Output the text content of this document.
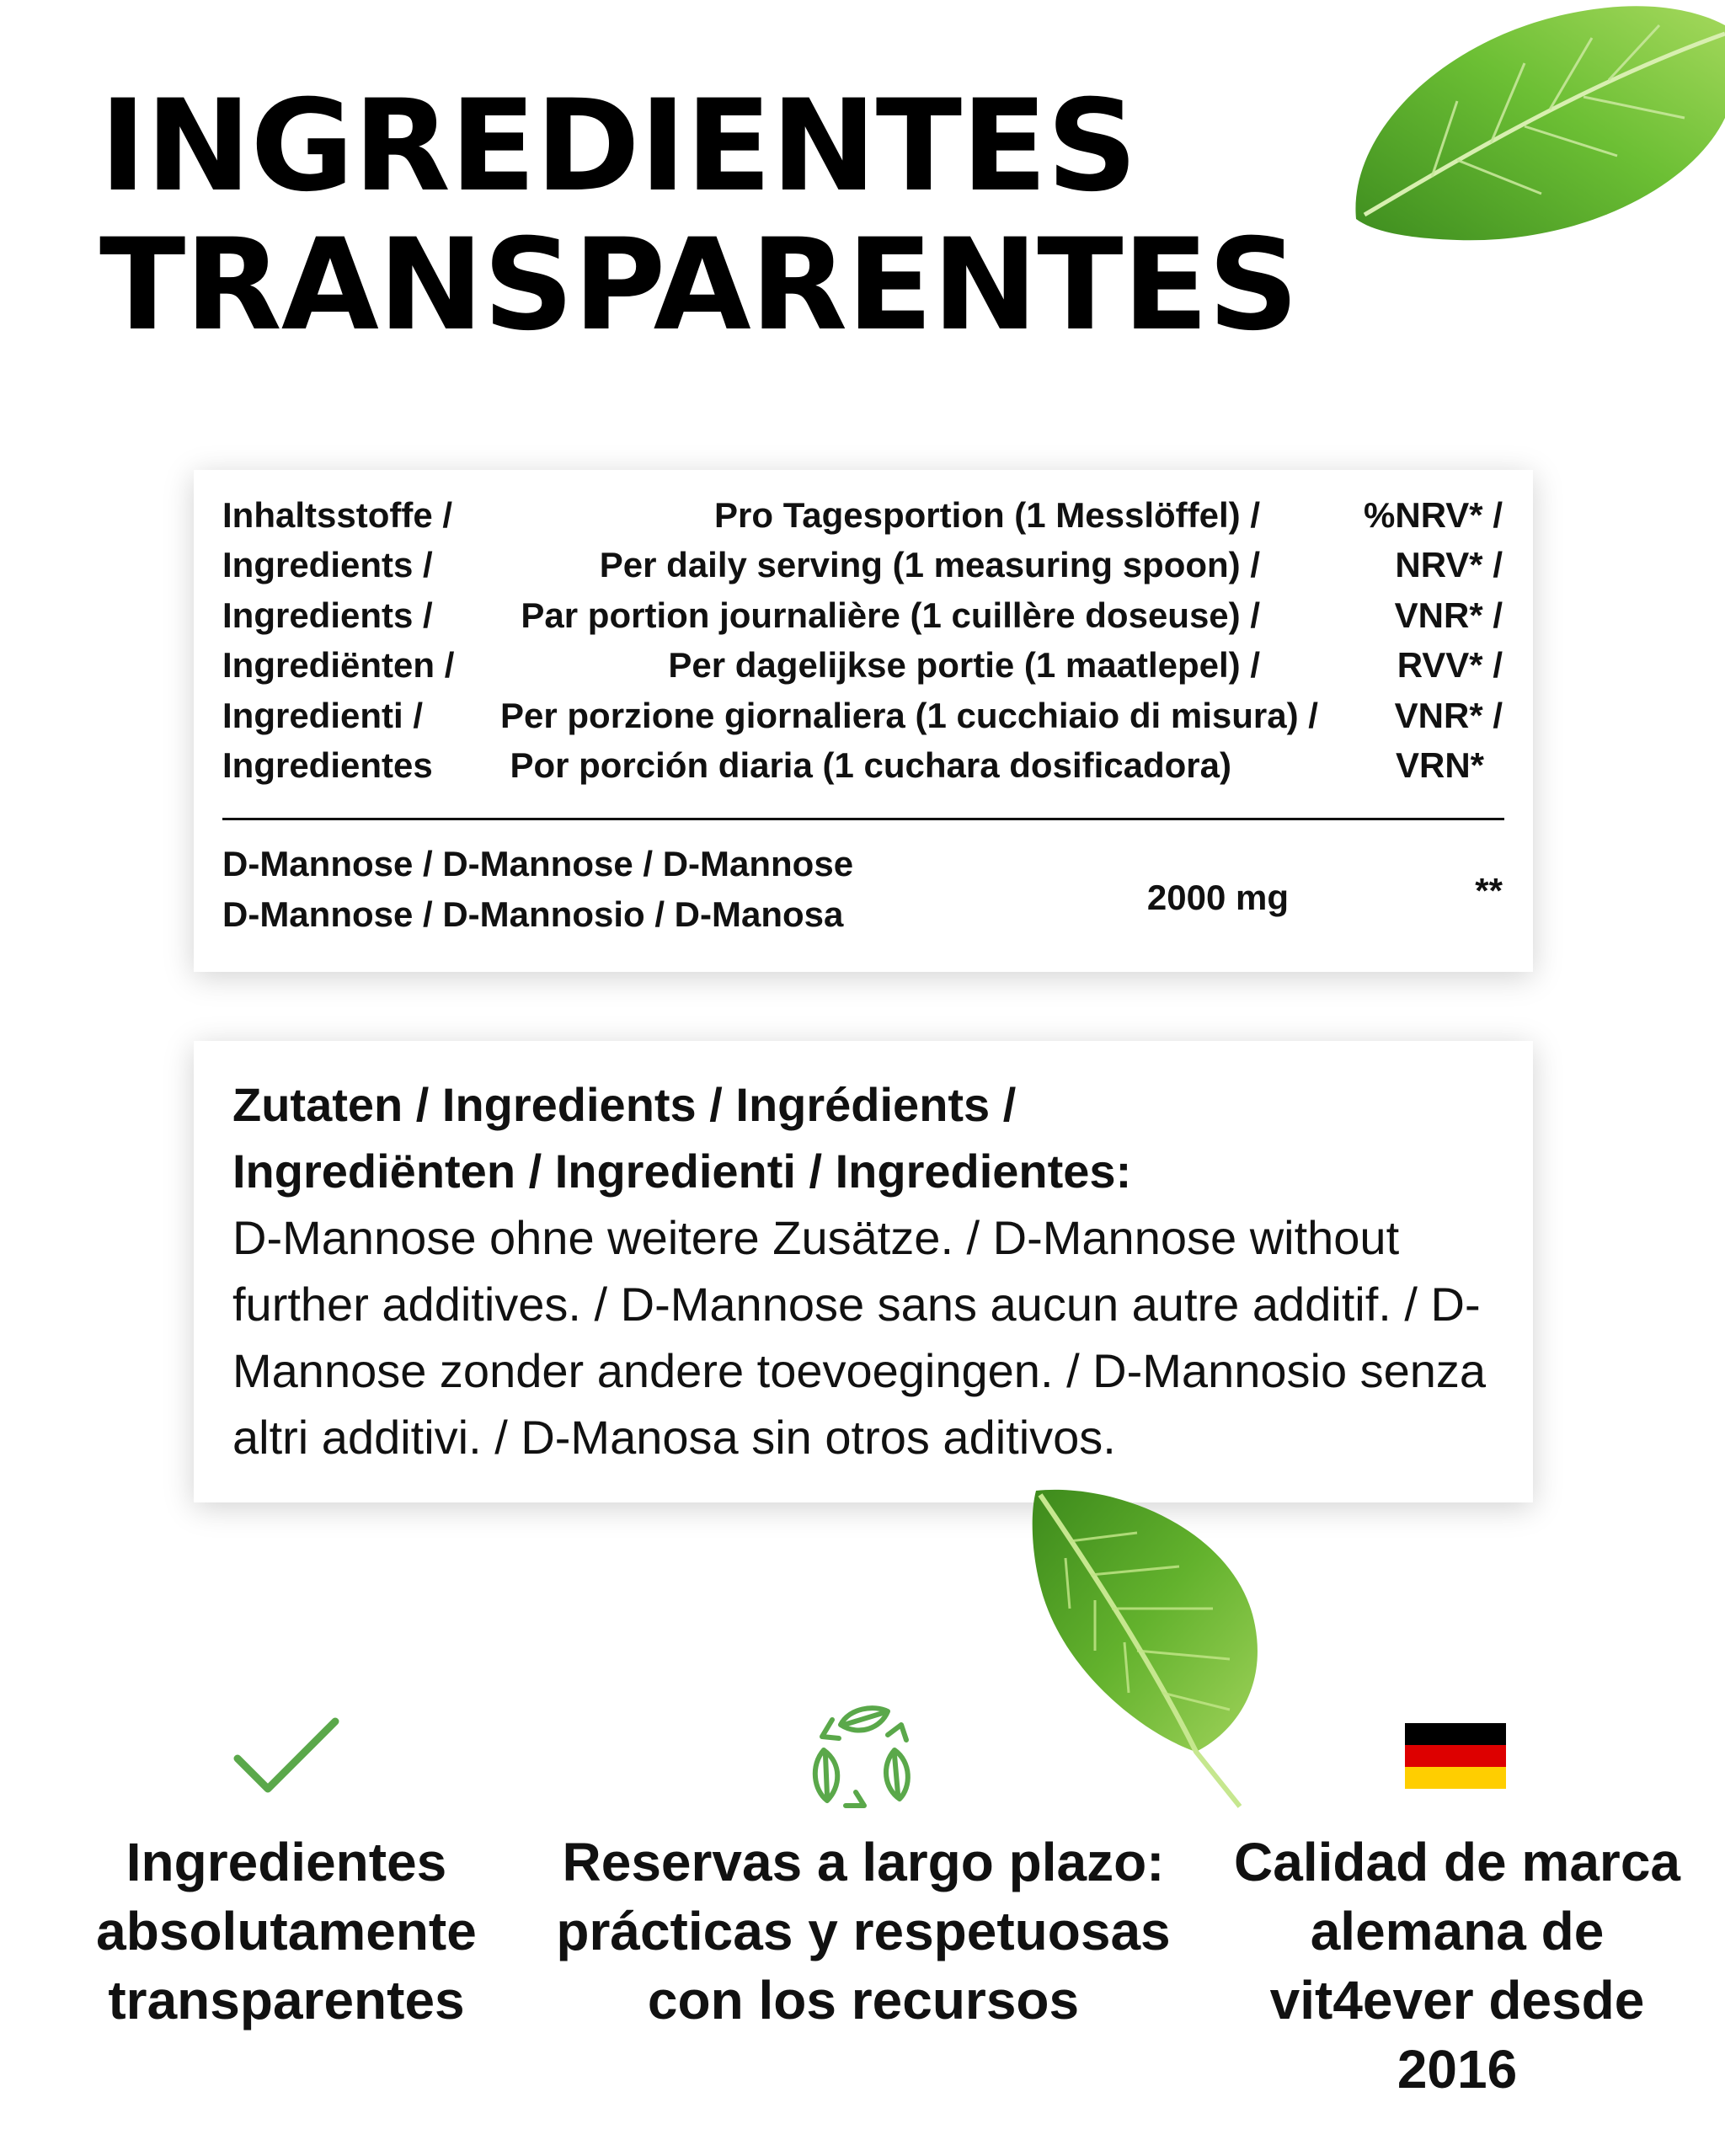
INGREDIENTES
TRANSPARENTES
Inhaltsstoffe /	Pro Tagesportion (1 Messlöffel) /	%NRV* /
Ingredients /	Per daily serving (1 measuring spoon) /	NRV* /
Ingredients /	Par portion journalière (1 cuillère doseuse) /	VNR* /
Ingrediënten /	Per dagelijkse portie (1 maatlepel) /	RVV* /
Ingredienti /	Per porzione giornaliera (1 cucchiaio di misura) /	VNR* /
Ingredientes	Por porción diaria (1 cuchara dosificadora)	VRN*
D-Mannose / D-Mannose / D-Mannose
D-Mannose / D-Mannosio / D-Manosa	2000 mg	**
Zutaten / Ingredients / Ingrédients /
Ingrediënten / Ingredienti / Ingredientes:
D-Mannose ohne weitere Zusätze. / D-Mannose without further additives. / D-Mannose sans aucun autre additif. / D-Mannose zonder andere toevoegingen. / D-Mannosio senza altri additivi. / D-Manosa sin otros aditivos.
Ingredientes
absolutamente
transparentes
Reservas a largo plazo:
prácticas y respetuosas
con los recursos
Calidad de marca
alemana de
vit4ever desde
2016
